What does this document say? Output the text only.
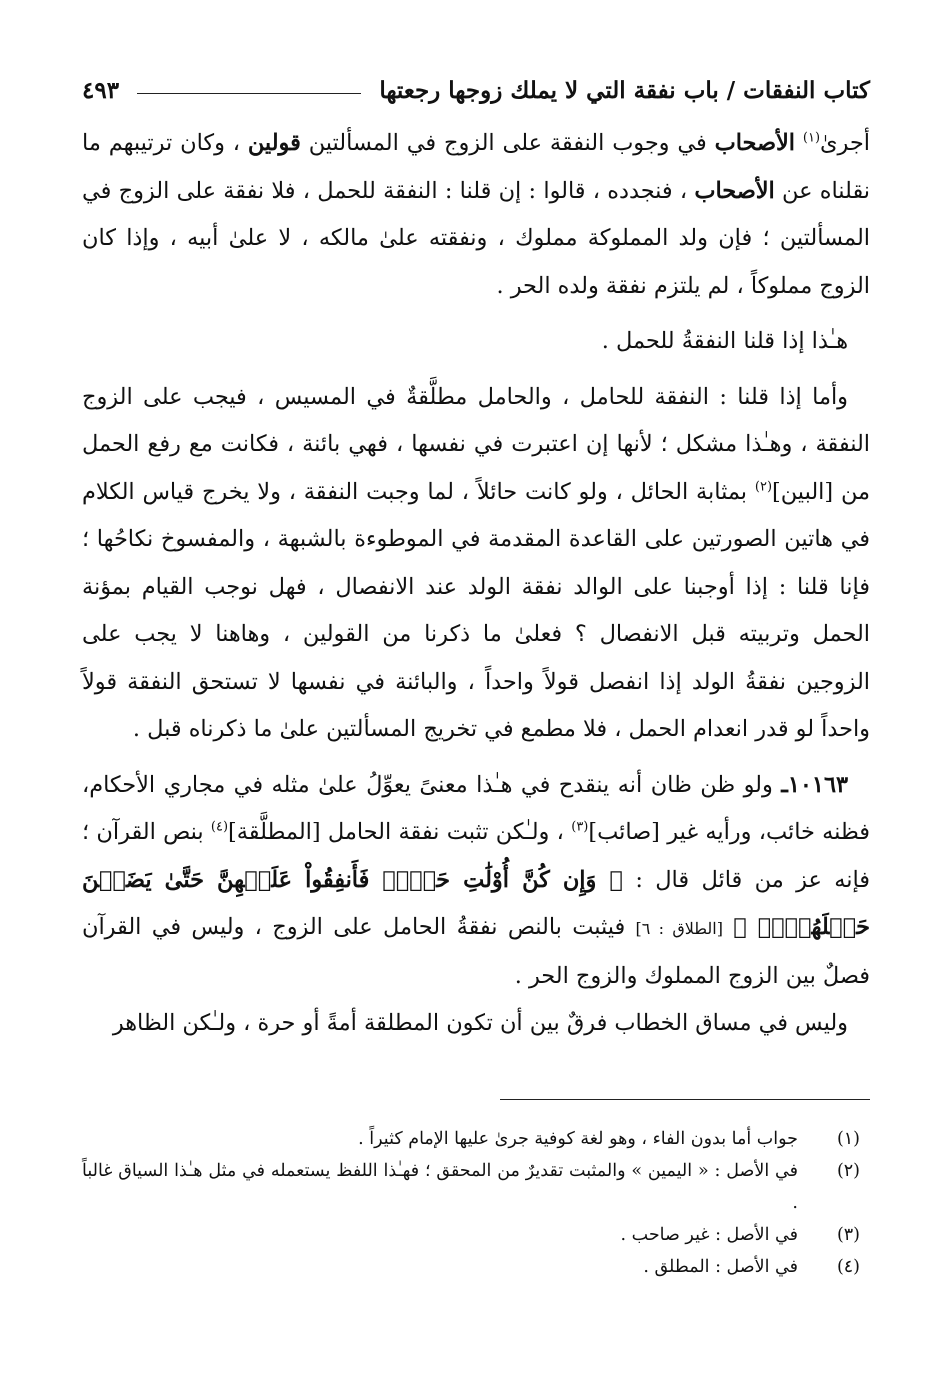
كتاب النفقات / باب نفقة التي لا يملك زوجها رجعتها
٤٩٣

أجرىٰ$^{(١)}$ الأصحاب في وجوب النفقة على الزوج في المسألتين قولين ، وكان ترتيبهم ما نقلناه عن الأصحاب ، فنجدده ، قالوا : إن قلنا : النفقة للحمل ، فلا نفقة على الزوج في المسألتين ؛ فإن ولد المملوكة مملوك ، ونفقته علىٰ مالكه ، لا علىٰ أبيه ، وإذا كان الزوج مملوكاً ، لم يلتزم نفقة ولده الحر .

هـٰذا إذا قلنا النفقةُ للحمل .

وأما إذا قلنا : النفقة للحامل ، والحامل مطلَّقةٌ في المسيس ، فيجب على الزوج النفقة ، وهـٰذا مشكل ؛ لأنها إن اعتبرت في نفسها ، فهي بائنة ، فكانت مع رفع الحمل من [البين]$^{(٢)}$ بمثابة الحائل ، ولو كانت حائلاً ، لما وجبت النفقة ، ولا يخرج قياس الكلام في هاتين الصورتين على القاعدة المقدمة في الموطوءة بالشبهة ، والمفسوخ نكاحُها ؛ فإنا قلنا : إذا أوجبنا على الوالد نفقة الولد عند الانفصال ، فهل نوجب القيام بمؤنة الحمل وتربيته قبل الانفصال ؟ فعلىٰ ما ذكرنا من القولين ، وهاهنا لا يجب على الزوجين نفقةُ الولد إذا انفصل قولاً واحداً ، والبائنة في نفسها لا تستحق النفقة قولاً واحداً لو قدر انعدام الحمل ، فلا مطمع في تخريج المسألتين علىٰ ما ذكرناه قبل .

١٠١٦٣ـ ولو ظن ظان أنه ينقدح في هـٰذا معنىً يعوِّلُ علىٰ مثله في مجاري الأحكام، فظنه خائب، ورأيه غير [صائب]$^{(٣)}$ ، ولـٰكن تثبت نفقة الحامل [المطلَّقة]$^{(٤)}$ بنص القرآن ؛ فإنه عز من قائل قال : ﴿ وَإِن كُنَّ أُوْلَٰتِ حَمۡلٖ فَأَنفِقُواْ عَلَيۡهِنَّ حَتَّىٰ يَضَعۡنَ حَمۡلَهُنَّۚ ﴾ [الطلاق : ٦] فيثبت بالنص نفقةُ الحامل على الزوج ، وليس في القرآن فصلٌ بين الزوج المملوك والزوج الحر .

وليس في مساق الخطاب فرقٌ بين أن تكون المطلقة أمةً أو حرة ، ولـٰكن الظاهر

(١)
جواب أما بدون الفاء ، وهو لغة كوفية جرىٰ عليها الإمام كثيراً .
(٢)
في الأصل : « اليمين » والمثبت تقديرٌ من المحقق ؛ فهـٰذا اللفظ يستعمله في مثل هـٰذا السياق غالباً .
(٣)
في الأصل : غير صاحب .
(٤)
في الأصل : المطلق .
